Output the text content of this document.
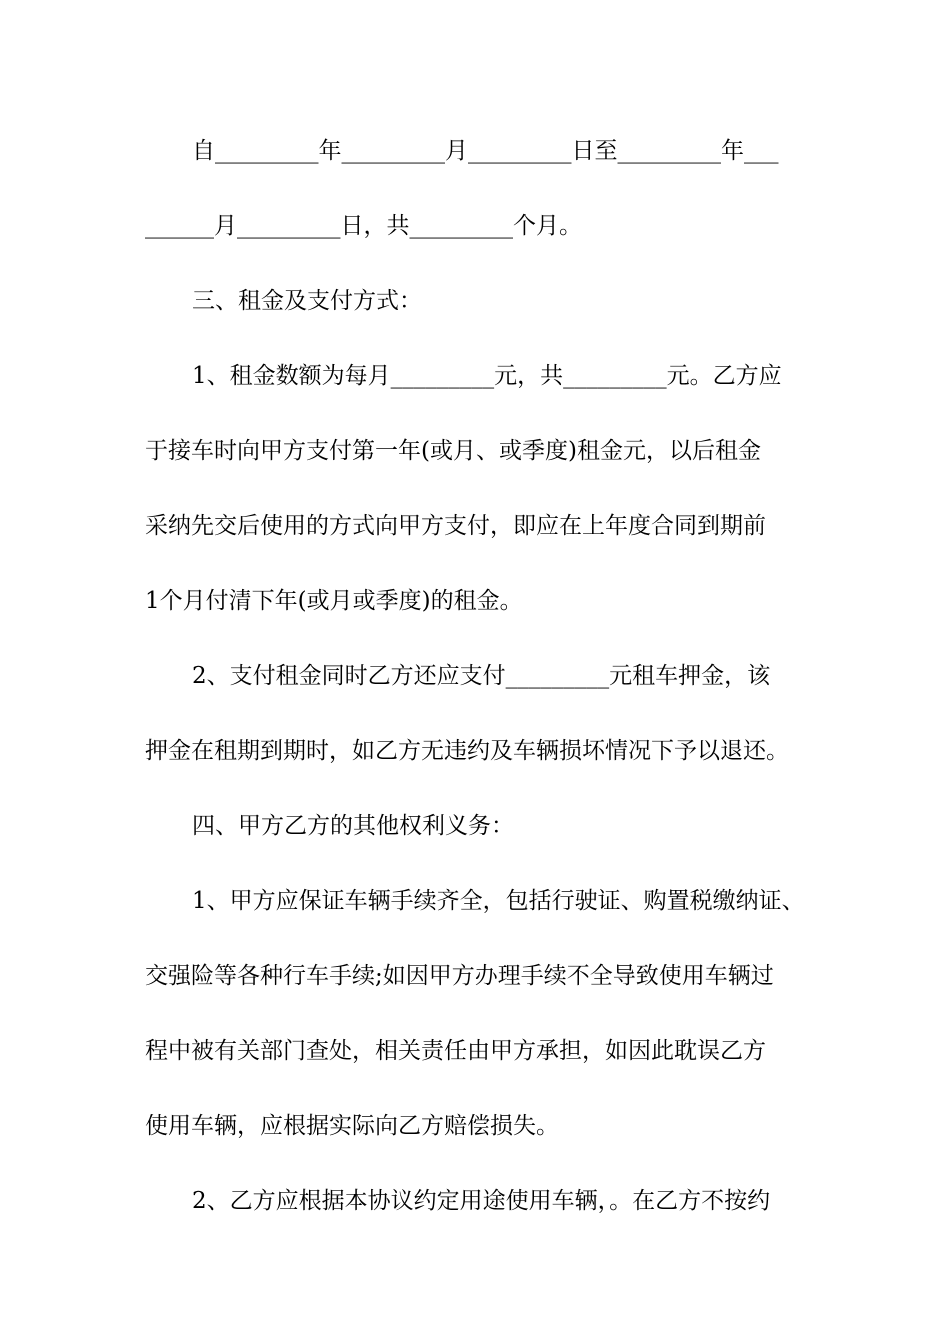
自_________年_________月_________日至_________年___
______月_________日，共_________个月。
三、租金及支付方式：
1、租金数额为每月_________元，共_________元。乙方应
于接车时向甲方支付第一年(或月、或季度)租金元，以后租金
采纳先交后使用的方式向甲方支付，即应在上年度合同到期前
1个月付清下年(或月或季度)的租金。
2、支付租金同时乙方还应支付_________元租车押金，该
押金在租期到期时，如乙方无违约及车辆损坏情况下予以退还。
四、甲方乙方的其他权利义务：
1、甲方应保证车辆手续齐全，包括行驶证、购置税缴纳证、
交强险等各种行车手续;如因甲方办理手续不全导致使用车辆过
程中被有关部门查处，相关责任由甲方承担，如因此耽误乙方
使用车辆，应根据实际向乙方赔偿损失。
2、乙方应根据本协议约定用途使用车辆，。在乙方不按约
